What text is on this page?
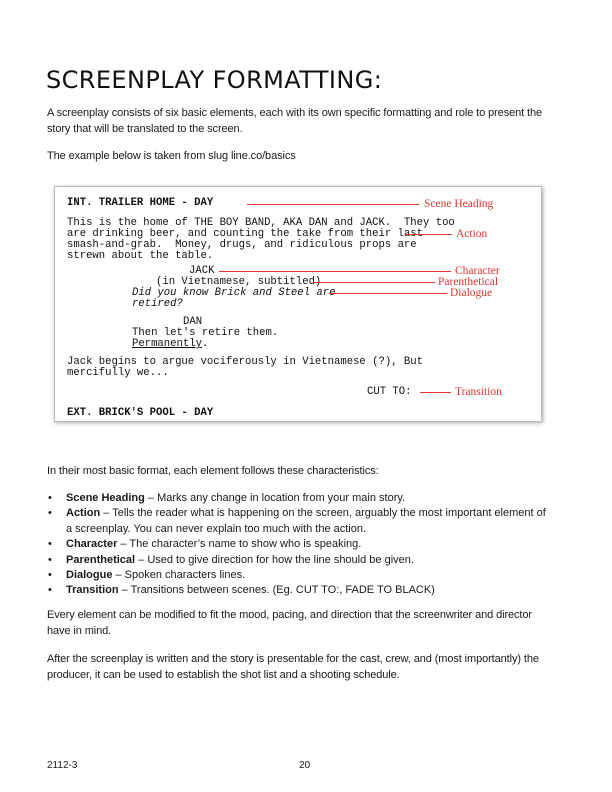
SCREENPLAY FORMATTING:

A screenplay consists of six basic elements, each with its own specific formatting and role to present the story that will be translated to the screen.

The example below is taken from slug line.co/basics

INT. TRAILER HOME - DAY

This is the home of THE BOY BAND, AKA DAN and JACK.  They too

are drinking beer, and counting the take from their last

smash-and-grab.  Money, drugs, and ridiculous props are

strewn about the table.

JACK

(in Vietnamese, subtitled)

Did you know Brick and Steel are

retired?

DAN

Then let's retire them.

Permanently.

Jack begins to argue vociferously in Vietnamese (?), But

mercifully we...

CUT TO:

EXT. BRICK'S POOL - DAY

Scene Heading

Action

Character

Parenthetical

Dialogue

Transition

In their most basic format, each element follows these characteristics:

• Scene Heading – Marks any change in location from your main story.
• Action – Tells the reader what is happening on the screen, arguably the most important element of a screenplay. You can never explain too much with the action.
• Character – The character’s name to show who is speaking.
• Parenthetical – Used to give direction for how the line should be given.
• Dialogue – Spoken characters lines.
• Transition – Transitions between scenes. (Eg. CUT TO:, FADE TO BLACK)

Every element can be modified to fit the mood, pacing, and direction that the screenwriter and director have in mind.

After the screenplay is written and the story is presentable for the cast, crew, and (most importantly) the producer, it can be used to establish the shot list and a shooting schedule.

2112-3	20
